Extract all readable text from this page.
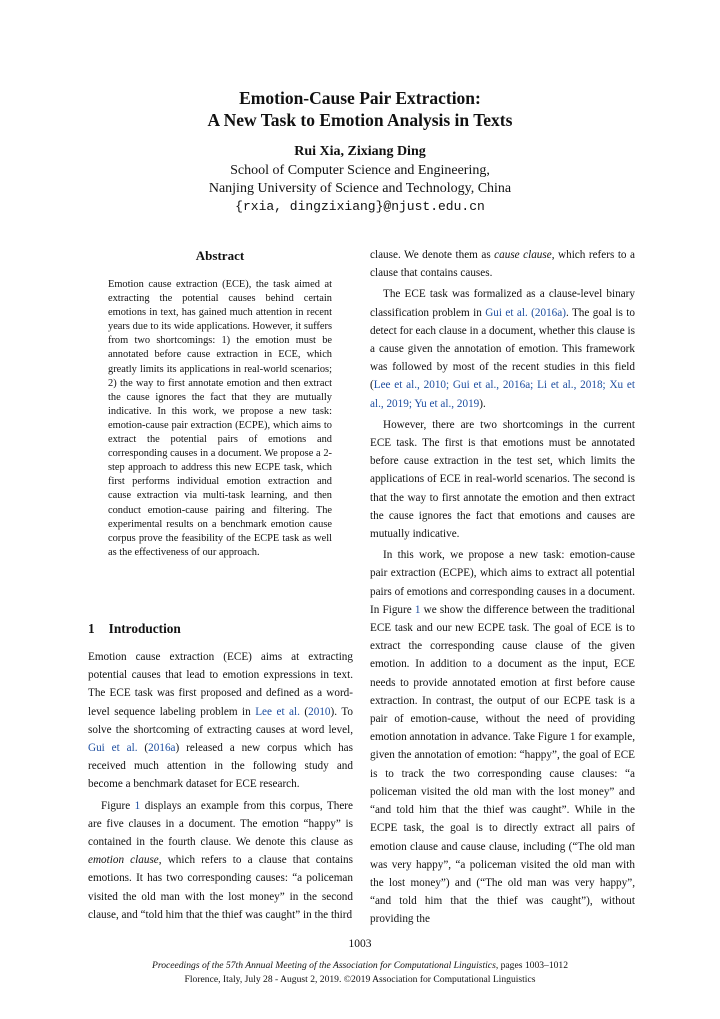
Emotion-Cause Pair Extraction:
A New Task to Emotion Analysis in Texts
Rui Xia, Zixiang Ding
School of Computer Science and Engineering,
Nanjing University of Science and Technology, China
{rxia, dingzixiang}@njust.edu.cn
Abstract
Emotion cause extraction (ECE), the task aimed at extracting the potential causes behind certain emotions in text, has gained much attention in recent years due to its wide applications. However, it suffers from two shortcomings: 1) the emotion must be annotated before cause extraction in ECE, which greatly limits its applications in real-world scenarios; 2) the way to first annotate emotion and then extract the cause ignores the fact that they are mutually indicative. In this work, we propose a new task: emotion-cause pair extraction (ECPE), which aims to extract the potential pairs of emotions and corresponding causes in a document. We propose a 2-step approach to address this new ECPE task, which first performs individual emotion extraction and cause extraction via multi-task learning, and then conduct emotion-cause pairing and filtering. The experimental results on a benchmark emotion cause corpus prove the feasibility of the ECPE task as well as the effectiveness of our approach.
1 Introduction

Emotion cause extraction (ECE) aims at extracting potential causes that lead to emotion expressions in text. The ECE task was first proposed and defined as a word-level sequence labeling problem in Lee et al. (2010). To solve the shortcoming of extracting causes at word level, Gui et al. (2016a) released a new corpus which has received much attention in the following study and become a benchmark dataset for ECE research.

Figure 1 displays an example from this corpus, There are five clauses in a document. The emotion “happy” is contained in the fourth clause. We denote this clause as emotion clause, which refers to a clause that contains emotions. It has two corresponding causes: “a policeman visited the old man with the lost money” in the second clause, and “told him that the thief was caught” in the third

clause. We denote them as cause clause, which refers to a clause that contains causes.

The ECE task was formalized as a clause-level binary classification problem in Gui et al. (2016a). The goal is to detect for each clause in a document, whether this clause is a cause given the annotation of emotion. This framework was followed by most of the recent studies in this field (Lee et al., 2010; Gui et al., 2016a; Li et al., 2018; Xu et al., 2019; Yu et al., 2019).

However, there are two shortcomings in the current ECE task. The first is that emotions must be annotated before cause extraction in the test set, which limits the applications of ECE in real-world scenarios. The second is that the way to first annotate the emotion and then extract the cause ignores the fact that emotions and causes are mutually indicative.

In this work, we propose a new task: emotion-cause pair extraction (ECPE), which aims to extract all potential pairs of emotions and corresponding causes in a document. In Figure 1 we show the difference between the traditional ECE task and our new ECPE task. The goal of ECE is to extract the corresponding cause clause of the given emotion. In addition to a document as the input, ECE needs to provide annotated emotion at first before cause extraction. In contrast, the output of our ECPE task is a pair of emotion-cause, without the need of providing emotion annotation in advance. Take Figure 1 for example, given the annotation of emotion: “happy”, the goal of ECE is to track the two corresponding cause clauses: “a policeman visited the old man with the lost money” and “and told him that the thief was caught”. While in the ECPE task, the goal is to directly extract all pairs of emotion clause and cause clause, including (“The old man was very happy”, “a policeman visited the old man with the lost money”) and (“The old man was very happy”, “and told him that the thief was caught”), without providing the

1003
Proceedings of the 57th Annual Meeting of the Association for Computational Linguistics, pages 1003–1012
Florence, Italy, July 28 - August 2, 2019. ©2019 Association for Computational Linguistics
